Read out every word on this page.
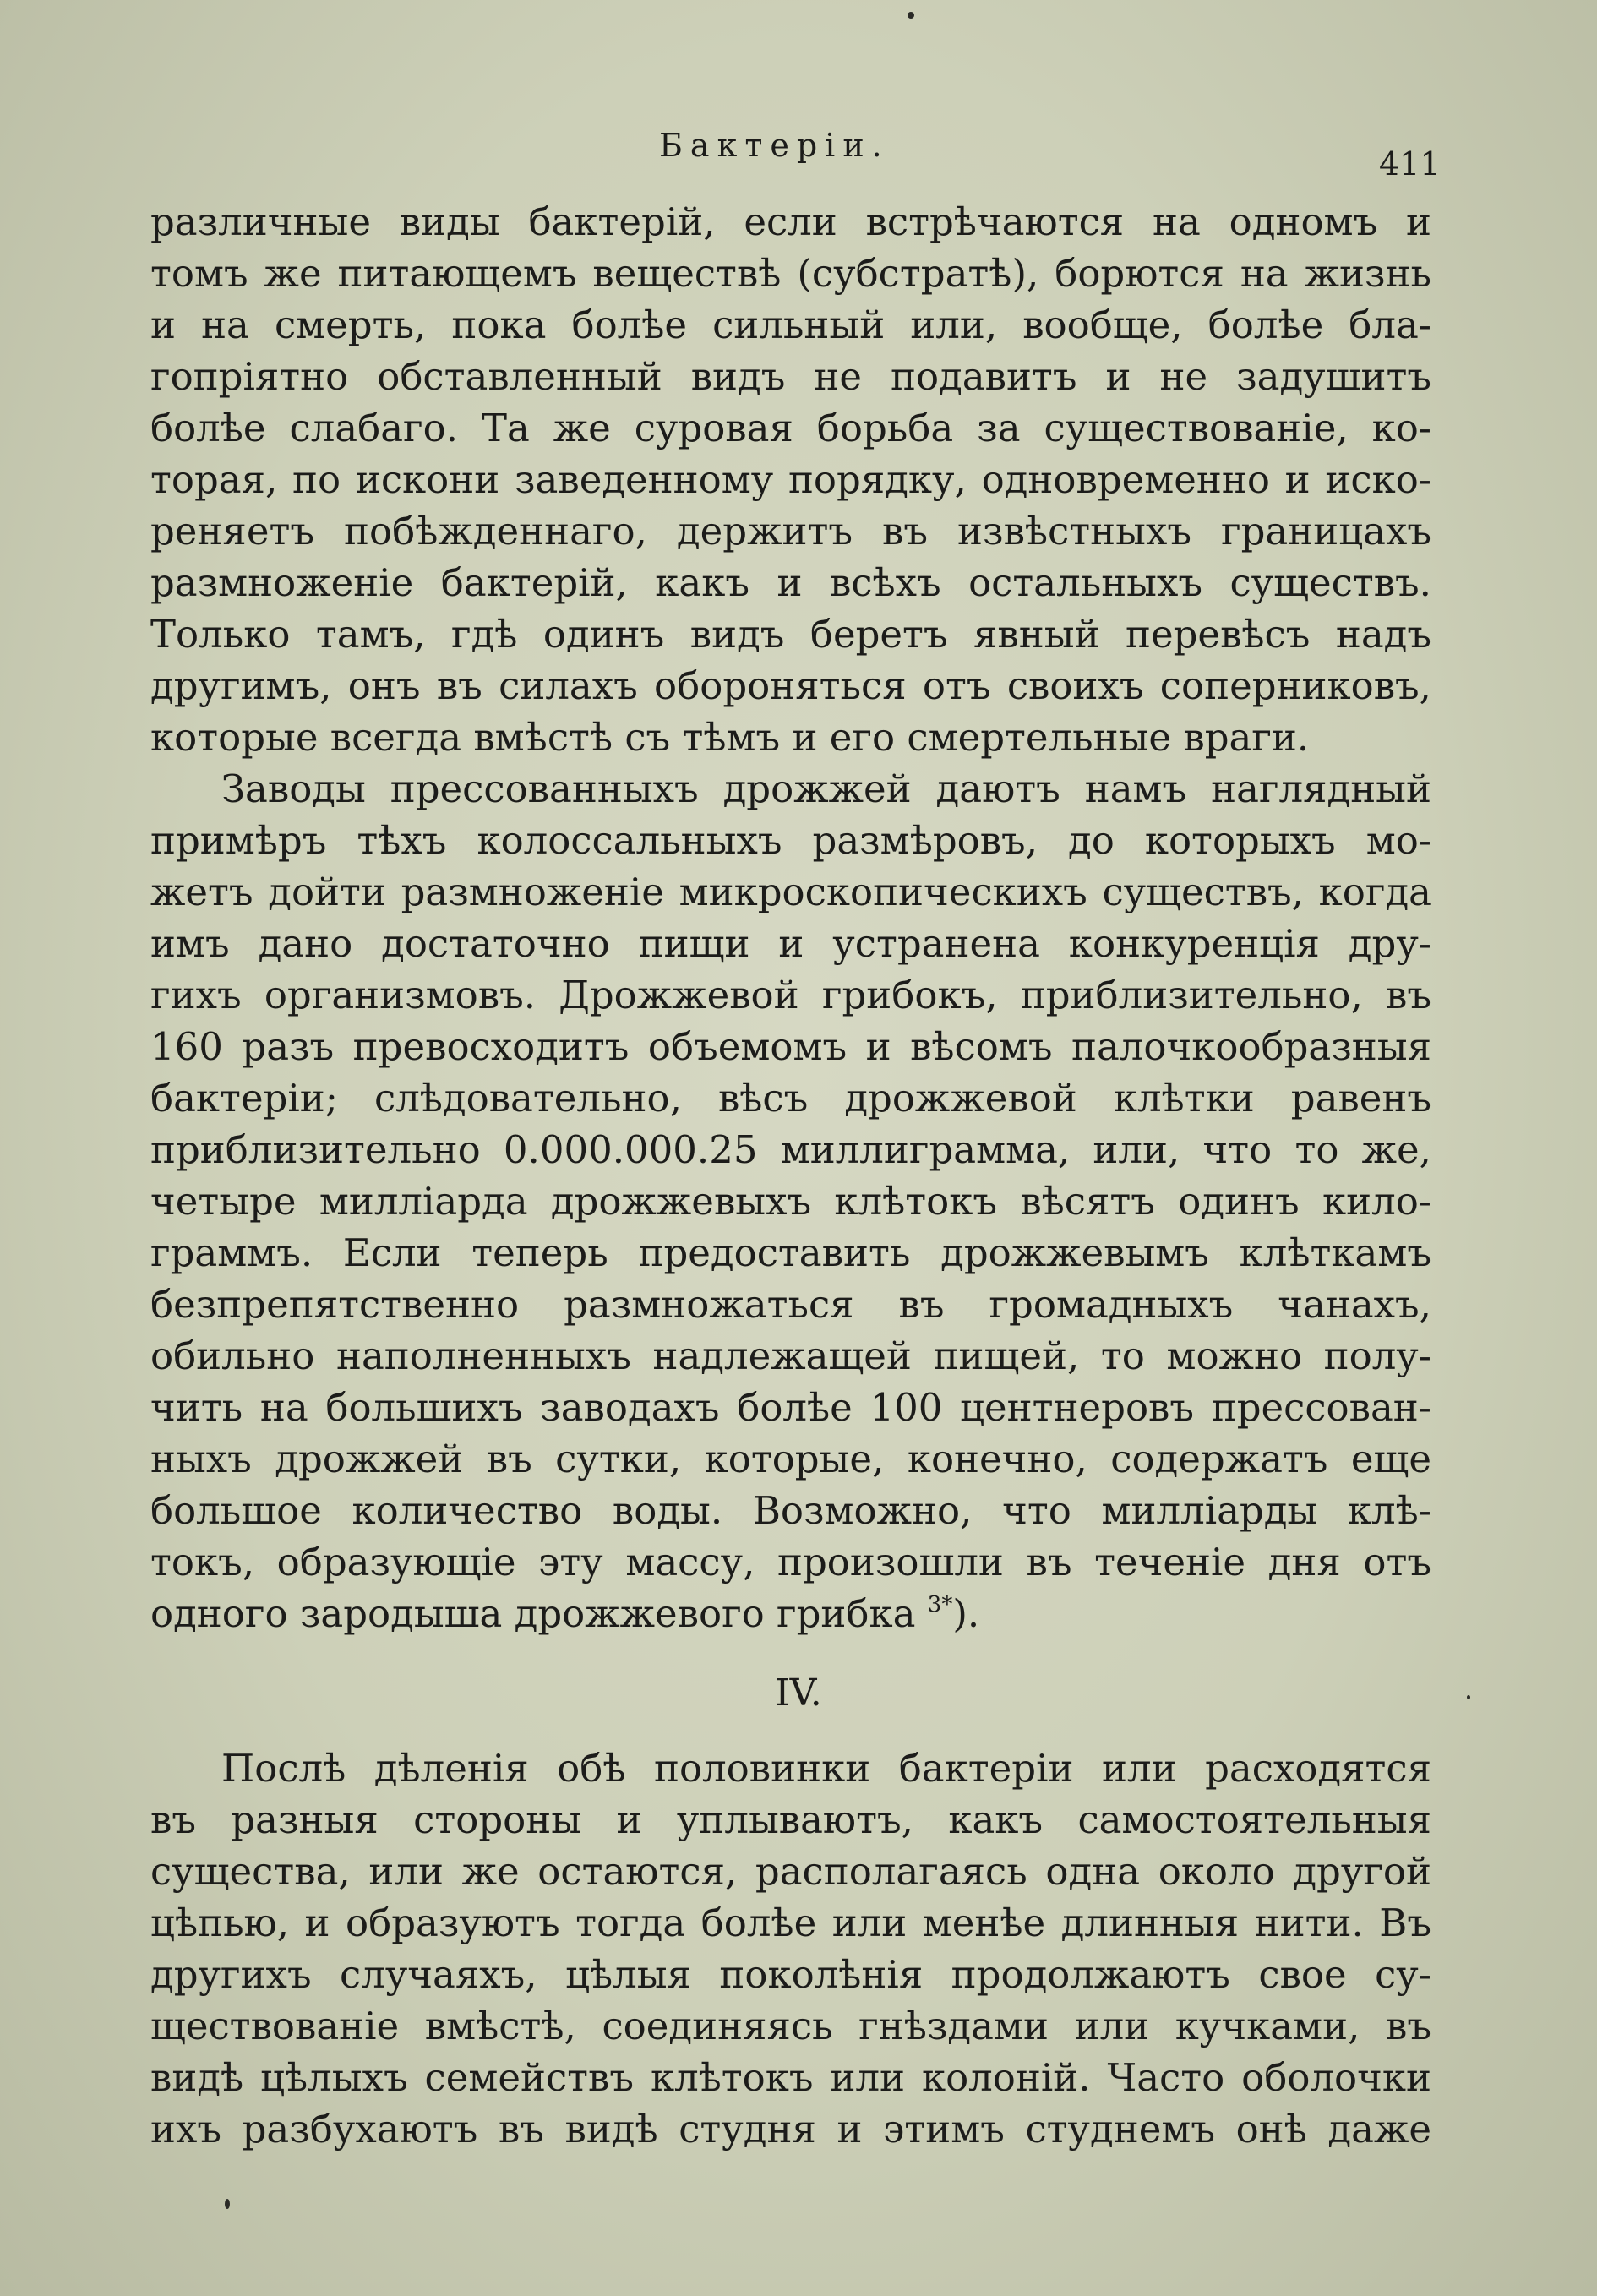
Бактеріи.	411
различные виды бактерій, если встрѣчаются на одномъ и
томъ же питающемъ веществѣ (субстратѣ), борются на жизнь
и на смерть, пока болѣе сильный или, вообще, болѣе бла-
гопріятно обставленный видъ не подавитъ и не задушитъ
болѣе слабаго. Та же суровая борьба за существованіе, ко-
торая, по искони заведенному порядку, одновременно и иско-
реняетъ побѣжденнаго, держитъ въ извѣстныхъ границахъ
размноженіе бактерій, какъ и всѣхъ остальныхъ существъ.
Только тамъ, гдѣ одинъ видъ беретъ явный перевѣсъ надъ
другимъ, онъ въ силахъ обороняться отъ своихъ соперниковъ,
которые всегда вмѣстѣ съ тѣмъ и его смертельные враги.
Заводы прессованныхъ дрожжей даютъ намъ наглядный
примѣръ тѣхъ колоссальныхъ размѣровъ, до которыхъ мо-
жетъ дойти размноженіе микроскопическихъ существъ, когда
имъ дано достаточно пищи и устранена конкуренція дру-
гихъ организмовъ. Дрожжевой грибокъ, приблизительно, въ
160 разъ превосходитъ объемомъ и вѣсомъ палочкообразныя
бактеріи; слѣдовательно, вѣсъ дрожжевой клѣтки равенъ
приблизительно 0.000.000.25 миллиграмма, или, что то же,
четыре милліарда дрожжевыхъ клѣтокъ вѣсятъ одинъ кило-
граммъ. Если теперь предоставить дрожжевымъ клѣткамъ
безпрепятственно размножаться въ громадныхъ чанахъ,
обильно наполненныхъ надлежащей пищей, то можно полу-
чить на большихъ заводахъ болѣе 100 центнеровъ прессован-
ныхъ дрожжей въ сутки, которые, конечно, содержатъ еще
большое количество воды. Возможно, что милліарды клѣ-
токъ, образующіе эту массу, произошли въ теченіе дня отъ
одного зародыша дрожжевого грибка $^{3*}$).
IV.
Послѣ дѣленія обѣ половинки бактеріи или расходятся
въ разныя стороны и уплываютъ, какъ самостоятельныя
существа, или же остаются, располагаясь одна около другой
цѣпью, и образуютъ тогда болѣе или менѣе длинныя нити. Въ
другихъ случаяхъ, цѣлыя поколѣнія продолжаютъ свое су-
ществованіе вмѣстѣ, соединяясь гнѣздами или кучками, въ
видѣ цѣлыхъ семействъ клѣтокъ или колоній. Часто оболочки
ихъ разбухаютъ въ видѣ студня и этимъ студнемъ онѣ даже
